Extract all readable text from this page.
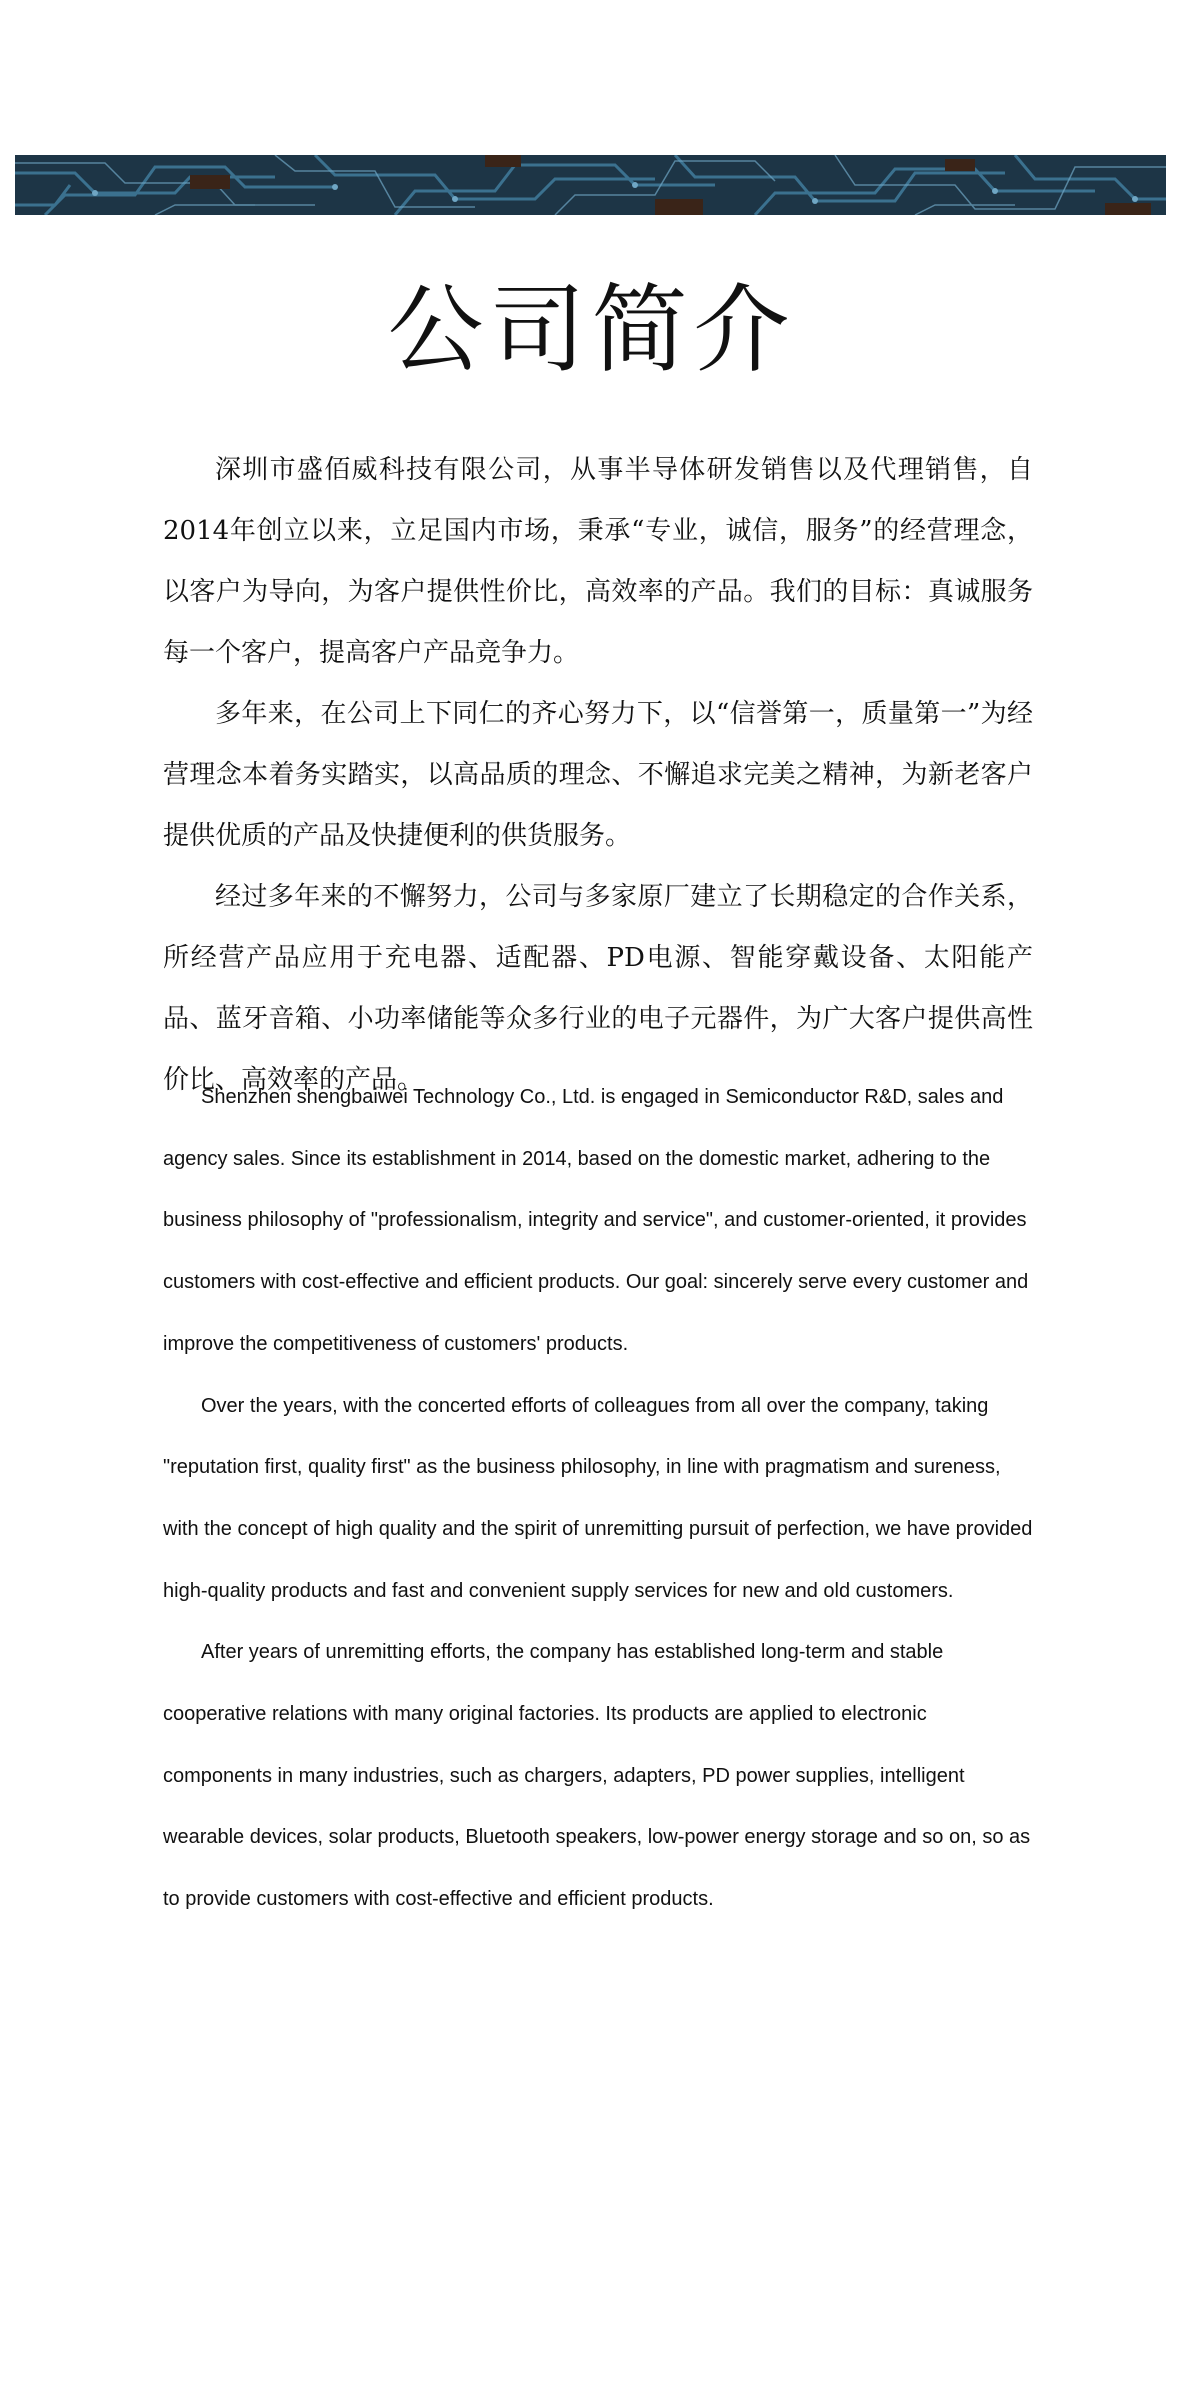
公司简介

深圳市盛佰威科技有限公司，从事半导体研发销售以及代理销售，自2014年创立以来，立足国内市场，秉承“专业，诚信，服务”的经营理念，以客户为导向，为客户提供性价比，高效率的产品。我们的目标：真诚服务每一个客户，提高客户产品竞争力。

多年来，在公司上下同仁的齐心努力下，以“信誉第一，质量第一”为经营理念本着务实踏实，以高品质的理念、不懈追求完美之精神，为新老客户提供优质的产品及快捷便利的供货服务。

经过多年来的不懈努力，公司与多家原厂建立了长期稳定的合作关系，所经营产品应用于充电器、适配器、PD电源、智能穿戴设备、太阳能产品、蓝牙音箱、小功率储能等众多行业的电子元器件，为广大客户提供高性价比、高效率的产品。

Shenzhen shengbaiwei Technology Co., Ltd. is engaged in Semiconductor R&D, sales and agency sales. Since its establishment in 2014, based on the domestic market, adhering to the business philosophy of "professionalism, integrity and service", and customer-oriented, it provides customers with cost-effective and efficient products. Our goal: sincerely serve every customer and improve the competitiveness of customers' products.

Over the years, with the concerted efforts of colleagues from all over the company, taking "reputation first, quality first" as the business philosophy, in line with pragmatism and sureness, with the concept of high quality and the spirit of unremitting pursuit of perfection, we have provided high-quality products and fast and convenient supply services for new and old customers.

After years of unremitting efforts, the company has established long-term and stable cooperative relations with many original factories. Its products are applied to electronic components in many industries, such as chargers, adapters, PD power supplies, intelligent wearable devices, solar products, Bluetooth speakers, low-power energy storage and so on, so as to provide customers with cost-effective and efficient products.
